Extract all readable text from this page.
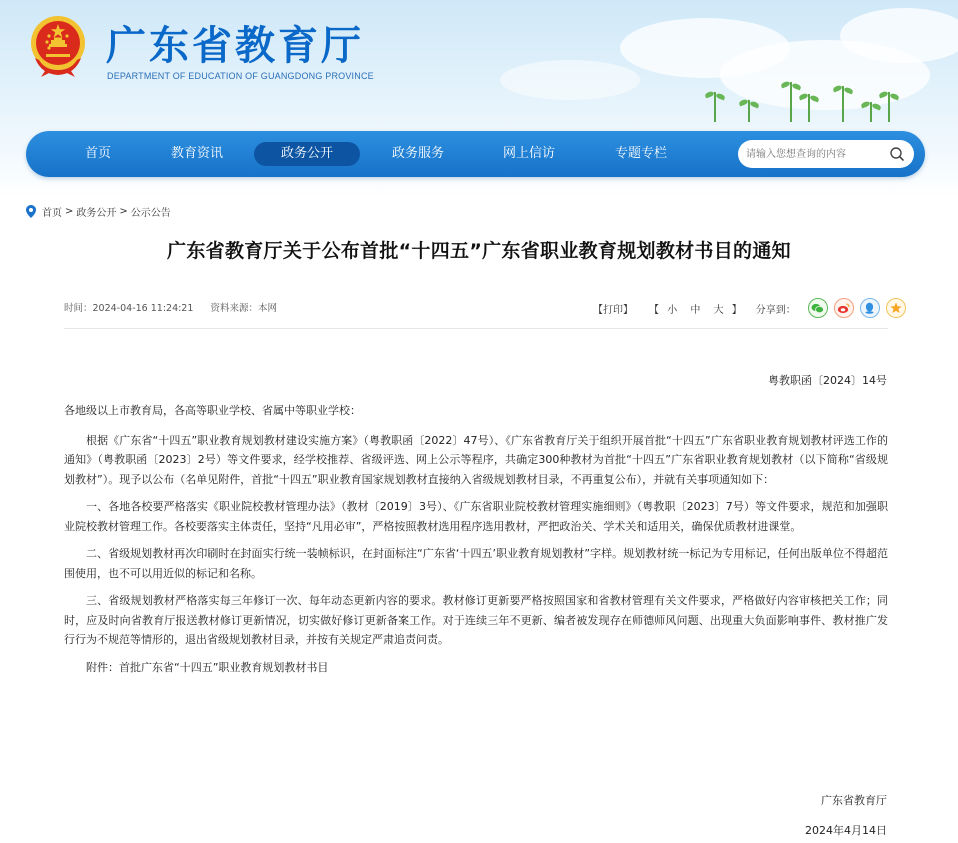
广东省教育厅
DEPARTMENT OF EDUCATION OF GUANGDONG PROVINCE
首页	教育资讯	政务公开	政务服务	网上信访	专题专栏
请输入您想查询的内容
首页 > 政务公开 > 公示公告
广东省教育厅关于公布首批“十四五”广东省职业教育规划教材书目的通知
时间：2024-04-16 11:24:21 资料来源：本网	【打印】 【 小 中 大 】 分享到：
粤教职函〔2024〕14号

各地级以上市教育局，各高等职业学校、省属中等职业学校：

根据《广东省“十四五”职业教育规划教材建设实施方案》（粤教职函〔2022〕47号）、《广东省教育厅关于组织开展首批“十四五”广东省职业教育规划教材评选工作的通知》（粤教职函〔2023〕2号）等文件要求，经学校推荐、省级评选、网上公示等程序，共确定300种教材为首批“十四五”广东省职业教育规划教材（以下简称“省级规划教材”）。现予以公布（名单见附件，首批“十四五”职业教育国家规划教材直接纳入省级规划教材目录，不再重复公布），并就有关事项通知如下：

一、各地各校要严格落实《职业院校教材管理办法》（教材〔2019〕3号）、《广东省职业院校教材管理实施细则》（粤教职〔2023〕7号）等文件要求，规范和加强职业院校教材管理工作。各校要落实主体责任，坚持“凡用必审”，严格按照教材选用程序选用教材，严把政治关、学术关和适用关，确保优质教材进课堂。

二、省级规划教材再次印刷时在封面实行统一装帧标识，在封面标注“广东省‘十四五’职业教育规划教材”字样。规划教材统一标记为专用标记，任何出版单位不得超范围使用，也不可以用近似的标记和名称。

三、省级规划教材严格落实每三年修订一次、每年动态更新内容的要求。教材修订更新要严格按照国家和省教材管理有关文件要求，严格做好内容审核把关工作；同时，应及时向省教育厅报送教材修订更新情况，切实做好修订更新备案工作。对于连续三年不更新、编者被发现存在师德师风问题、出现重大负面影响事件、教材推广发行行为不规范等情形的，退出省级规划教材目录，并按有关规定严肃追责问责。

附件：首批广东省“十四五”职业教育规划教材书目

广东省教育厅
2024年4月14日
